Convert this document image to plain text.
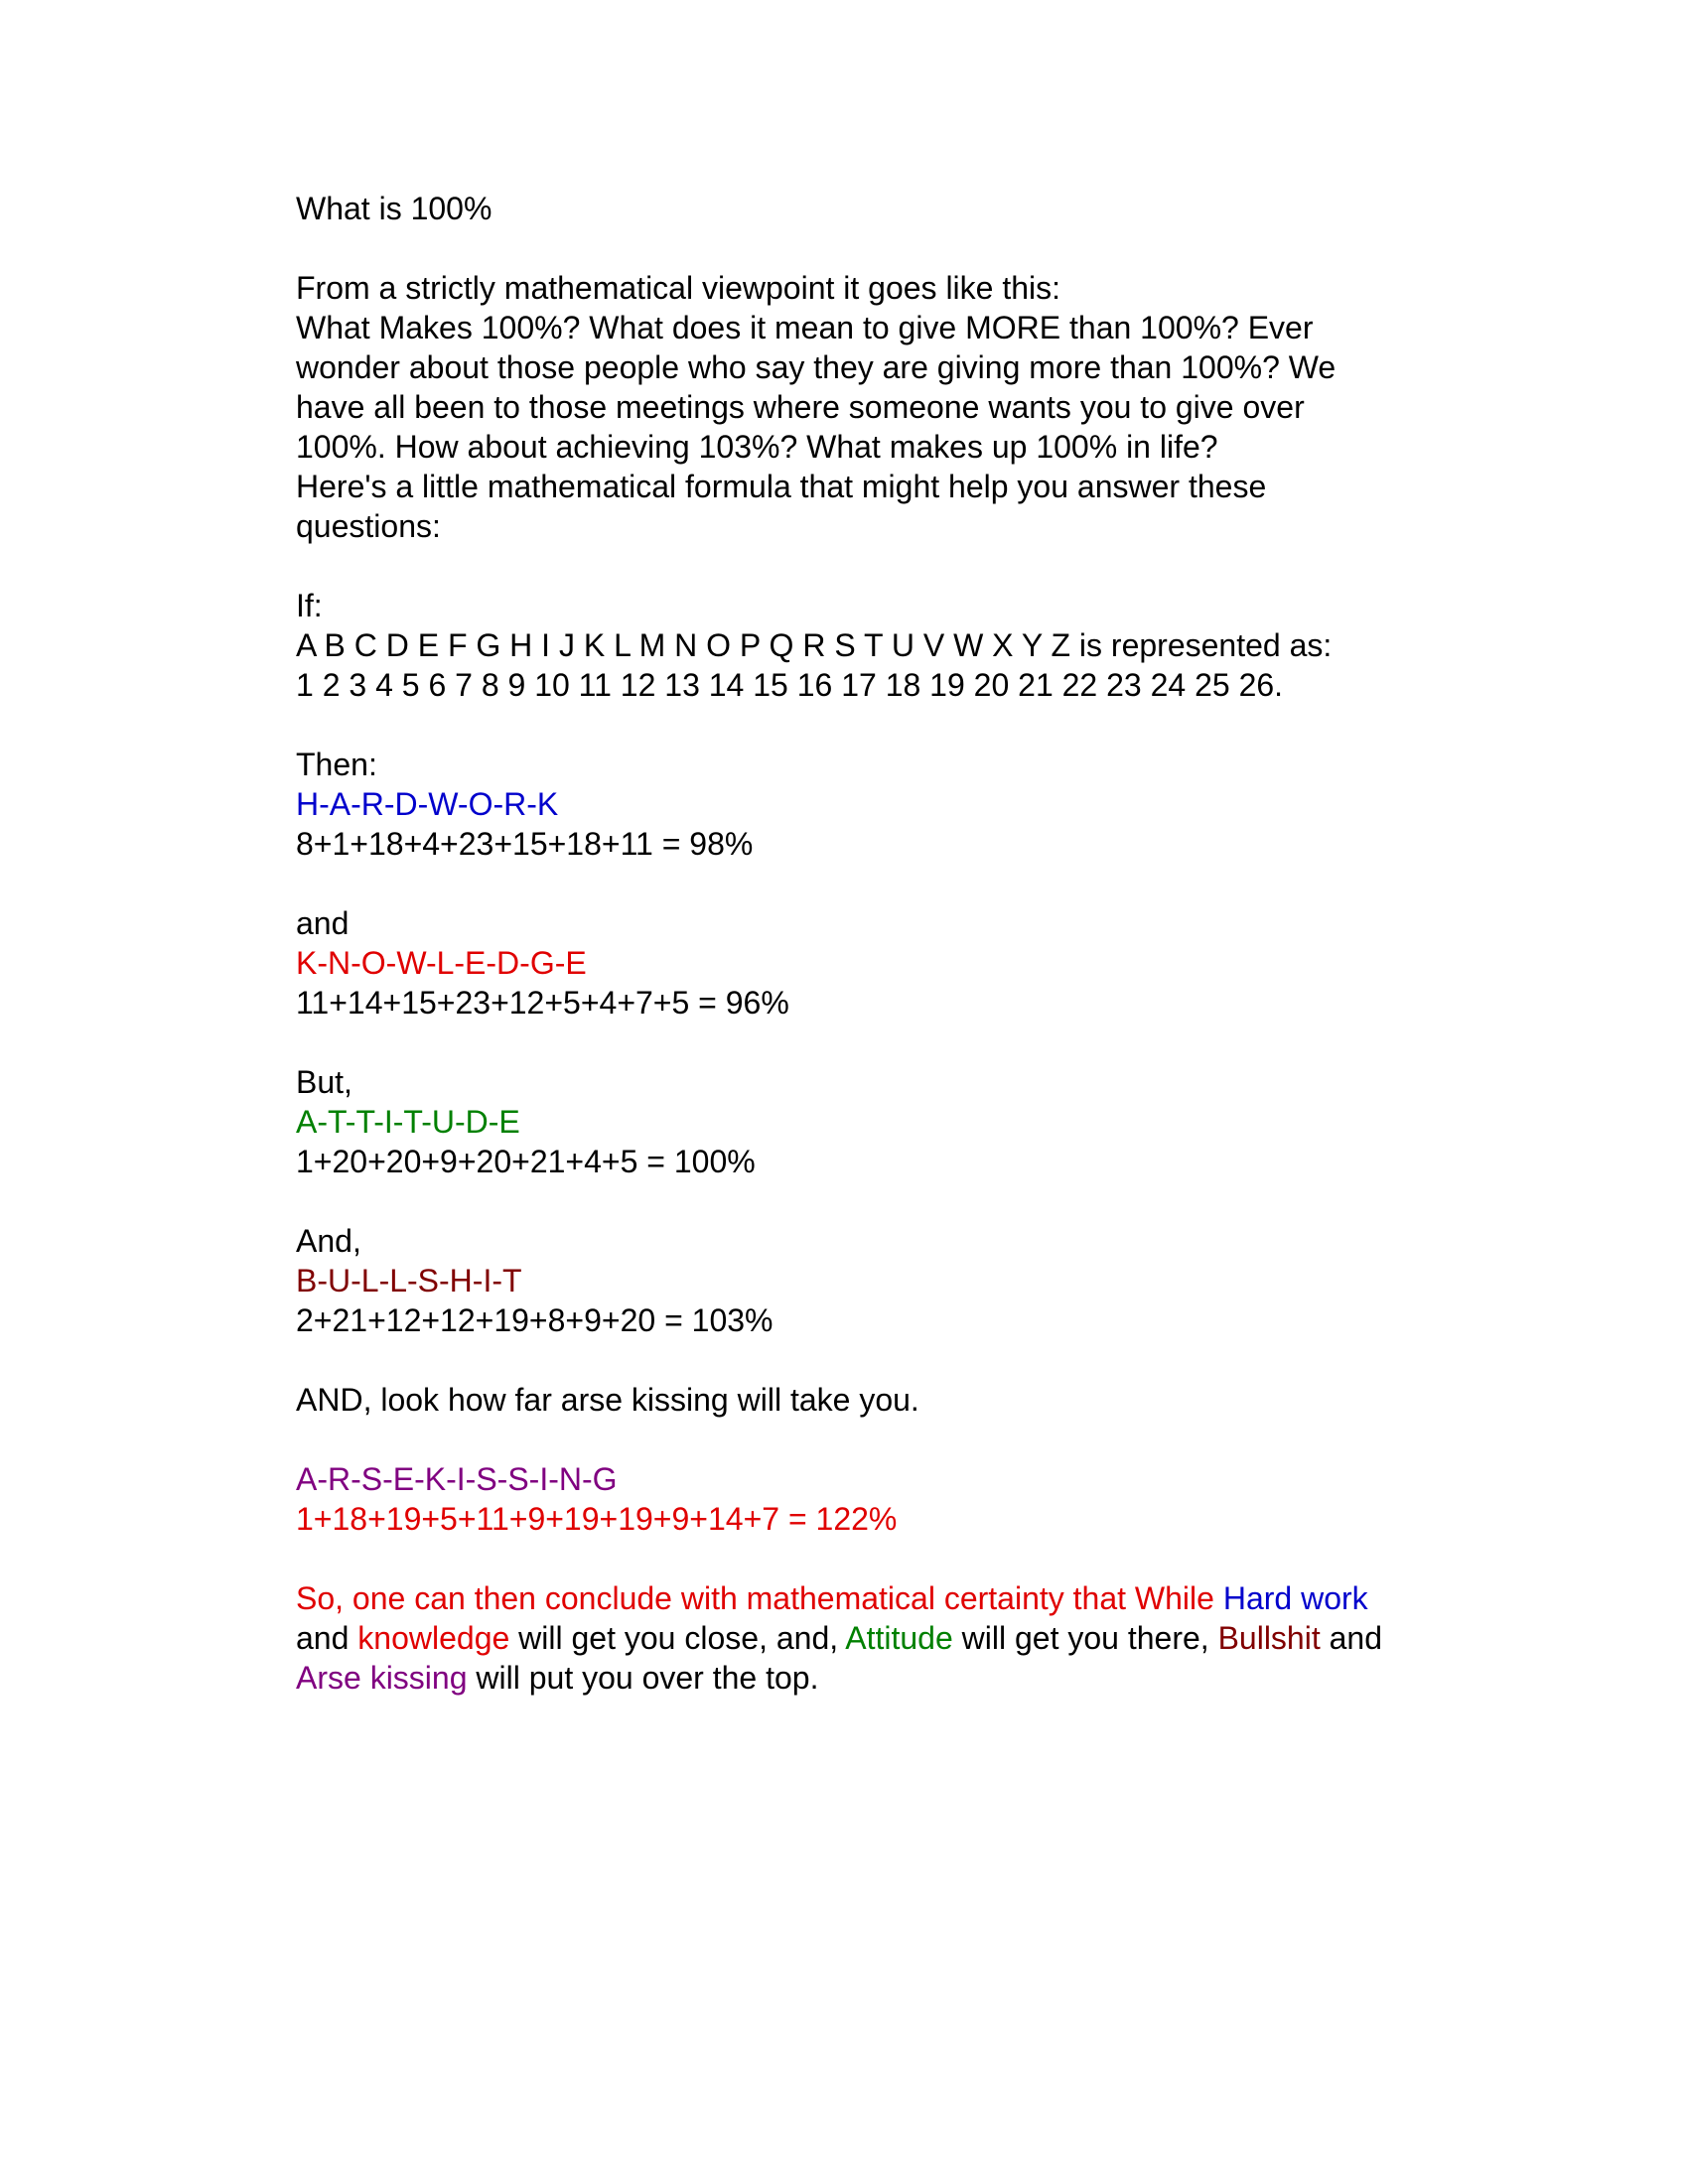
What is 100%
From a strictly mathematical viewpoint it goes like this:
What Makes 100%? What does it mean to give MORE than 100%? Ever
wonder about those people who say they are giving more than 100%? We
have all been to those meetings where someone wants you to give over
100%. How about achieving 103%? What makes up 100% in life?
Here's a little mathematical formula that might help you answer these
questions:
If:
A B C D E F G H I J K L M N O P Q R S T U V W X Y Z is represented as:
1 2 3 4 5 6 7 8 9 10 11 12 13 14 15 16 17 18 19 20 21 22 23 24 25 26.
Then:
H-A-R-D-W-O-R-K
8+1+18+4+23+15+18+11 = 98%
and
K-N-O-W-L-E-D-G-E
11+14+15+23+12+5+4+7+5 = 96%
But,
A-T-T-I-T-U-D-E
1+20+20+9+20+21+4+5 = 100%
And,
B-U-L-L-S-H-I-T
2+21+12+12+19+8+9+20 = 103%
AND, look how far arse kissing will take you.
A-R-S-E-K-I-S-S-I-N-G
1+18+19+5+11+9+19+19+9+14+7 = 122%
So, one can then conclude with mathematical certainty that While Hard work and knowledge will get you close, and, Attitude will get you there, Bullshit and Arse kissing will put you over the top.
